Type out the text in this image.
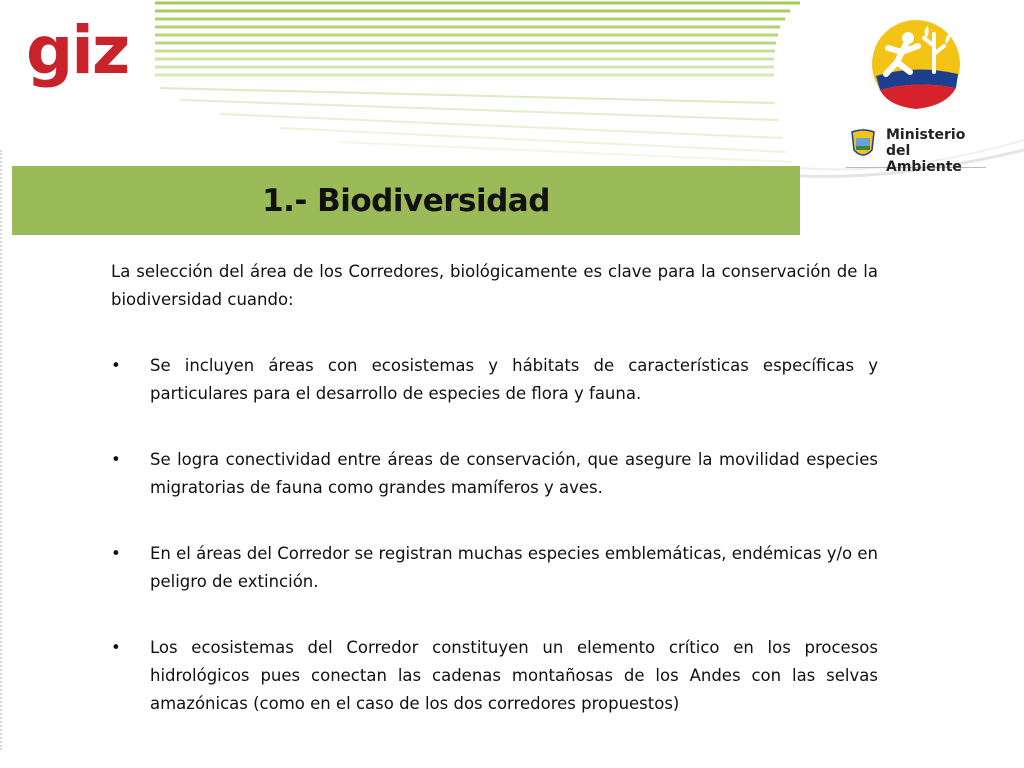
giz
Ministerio
del Ambiente
1.- Biodiversidad

La selección del área de los Corredores, biológicamente es clave para la conservación de la biodiversidad cuando:

• Se incluyen áreas con ecosistemas y hábitats de características específicas y particulares para el desarrollo de especies de flora y fauna.
• Se logra conectividad entre áreas de conservación, que asegure la movilidad especies migratorias de fauna como grandes mamíferos y aves.
• En el áreas del Corredor se registran muchas especies emblemáticas, endémicas y/o en peligro de extinción.
• Los ecosistemas del Corredor constituyen un elemento crítico en los procesos hidrológicos pues conectan las cadenas montañosas de los Andes con las selvas amazónicas (como en el caso de los dos corredores propuestos)
